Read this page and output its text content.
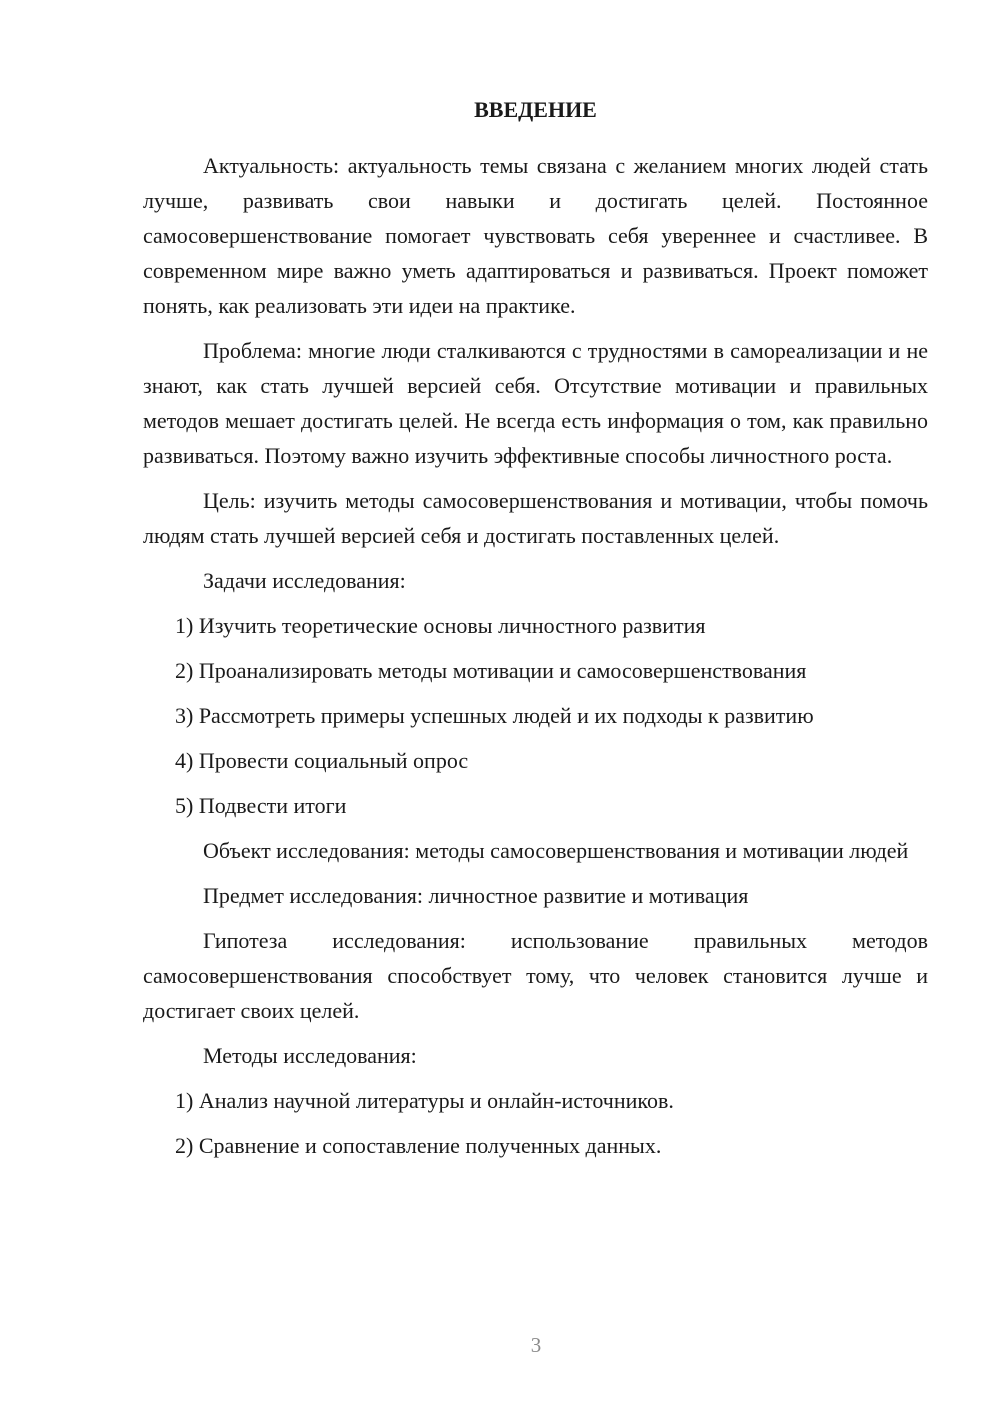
ВВЕДЕНИЕ

Актуальность: актуальность темы связана с желанием многих людей стать лучше, развивать свои навыки и достигать целей. Постоянное самосовершенствование помогает чувствовать себя увереннее и счастливее. В современном мире важно уметь адаптироваться и развиваться. Проект поможет понять, как реализовать эти идеи на практике.

Проблема: многие люди сталкиваются с трудностями в самореализации и не знают, как стать лучшей версией себя. Отсутствие мотивации и правильных методов мешает достигать целей. Не всегда есть информация о том, как правильно развиваться. Поэтому важно изучить эффективные способы личностного роста.

Цель: изучить методы самосовершенствования и мотивации, чтобы помочь людям стать лучшей версией себя и достигать поставленных целей.

Задачи исследования:

1) Изучить теоретические основы личностного развития
2) Проанализировать методы мотивации и самосовершенствования
3) Рассмотреть примеры успешных людей и их подходы к развитию
4) Провести социальный опрос
5) Подвести итоги

Объект исследования: методы самосовершенствования и мотивации людей

Предмет исследования: личностное развитие и мотивация

Гипотеза исследования: использование правильных методов самосовершенствования способствует тому, что человек становится лучше и достигает своих целей.

Методы исследования:

1) Анализ научной литературы и онлайн-источников.
2) Сравнение и сопоставление полученных данных.
3
